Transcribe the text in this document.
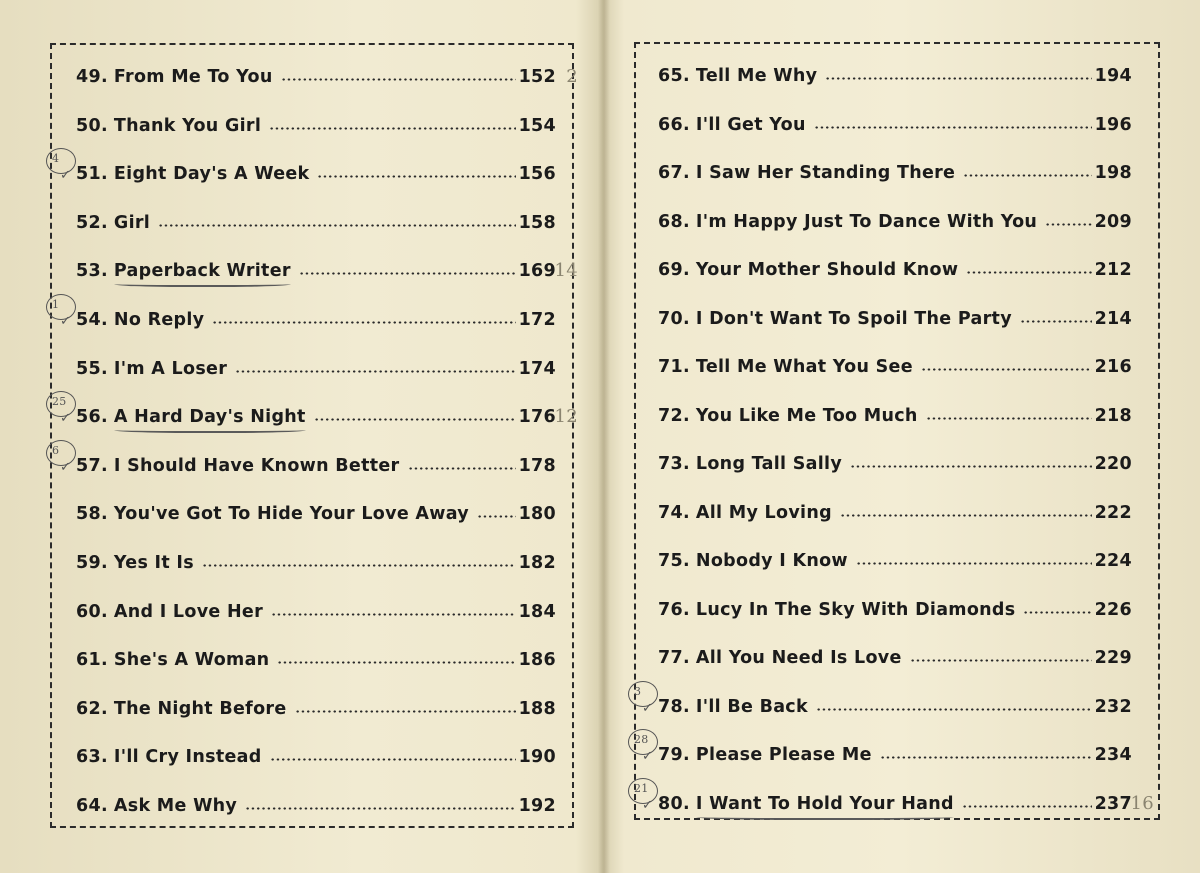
49. From Me To You	152 2
50. Thank You Girl	154
4
✓ 51. Eight Day's A Week	156
52. Girl	158
53. Paperback Writer	169
14
1
✓ 54. No Reply	172
55. I'm A Loser	174
25
✓ 56. A Hard Day's Night	176
12
6
✓ 57. I Should Have Known Better	178
58. You've Got To Hide Your Love Away	180
59. Yes It Is	182
60. And I Love Her	184
61. She's A Woman	186
62. The Night Before	188
63. I'll Cry Instead	190
64. Ask Me Why	192
65. Tell Me Why	194
66. I'll Get You	196
67. I Saw Her Standing There	198
68. I'm Happy Just To Dance With You	209
69. Your Mother Should Know	212
70. I Don't Want To Spoil The Party	214
71. Tell Me What You See	216
72. You Like Me Too Much	218
73. Long Tall Sally	220
74. All My Loving	222
75. Nobody I Know	224
76. Lucy In The Sky With Diamonds	226
77. All You Need Is Love	229
3
✓ 78. I'll Be Back	232
28
✓ 79. Please Please Me	234
21
✓ 80. I Want To Hold Your Hand	237
16
